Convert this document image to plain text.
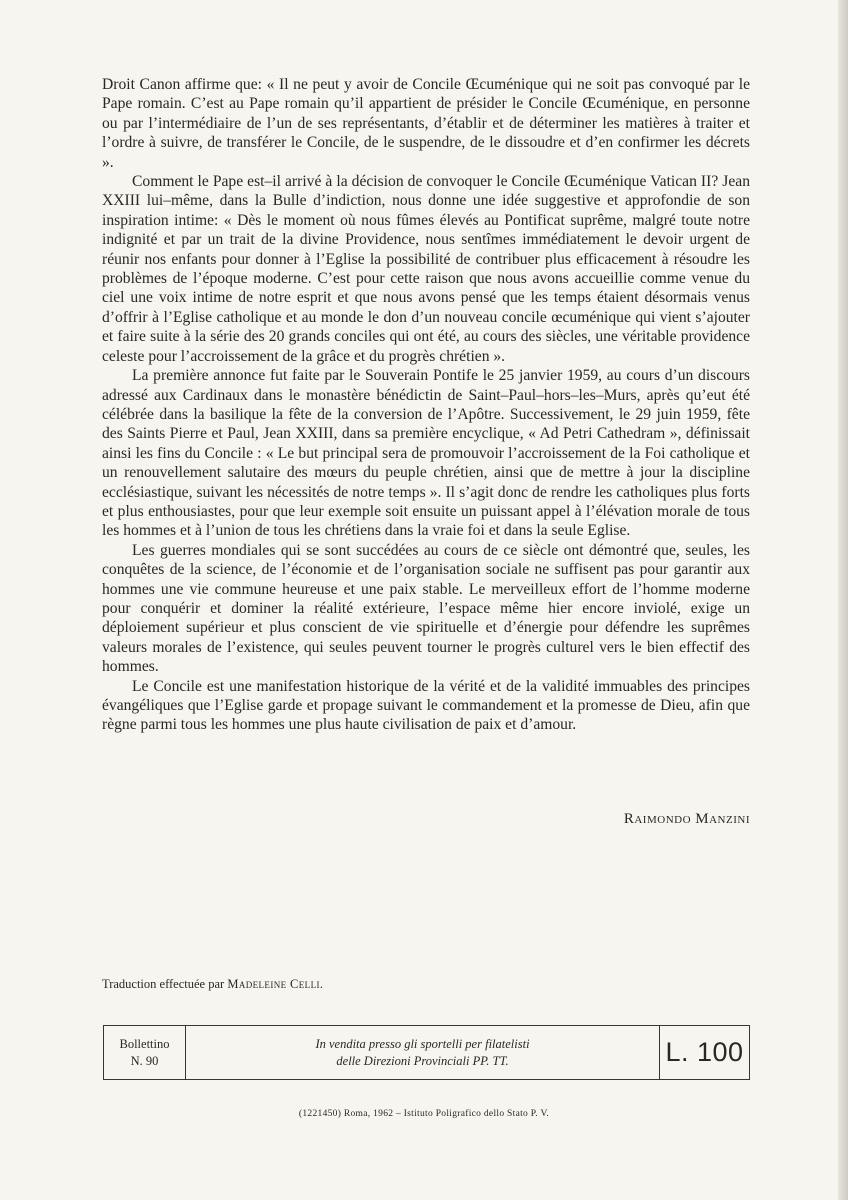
Droit Canon affirme que: « Il ne peut y avoir de Concile Œcuménique qui ne soit pas convoqué par le Pape romain. C’est au Pape romain qu’il appartient de présider le Concile Œcuménique, en personne ou par l’intermédiaire de l’un de ses représentants, d’établir et de déterminer les matières à traiter et l’ordre à suivre, de transférer le Concile, de le suspendre, de le dissoudre et d’en confirmer les décrets ».

Comment le Pape est–il arrivé à la décision de convoquer le Concile Œcuménique Vatican II? Jean XXIII lui–même, dans la Bulle d’indiction, nous donne une idée suggestive et approfondie de son inspiration intime: « Dès le moment où nous fûmes élevés au Pontificat suprême, malgré toute notre indignité et par un trait de la divine Providence, nous sentîmes immédiatement le devoir urgent de réunir nos enfants pour donner à l’Eglise la possibilité de contribuer plus efficacement à résoudre les problèmes de l’époque moderne. C’est pour cette raison que nous avons accueillie comme venue du ciel une voix intime de notre esprit et que nous avons pensé que les temps étaient désormais venus d’offrir à l’Eglise catholique et au monde le don d’un nouveau concile œcuménique qui vient s’ajouter et faire suite à la série des 20 grands conciles qui ont été, au cours des siècles, une véritable providence celeste pour l’accroissement de la grâce et du progrès chrétien ».

La première annonce fut faite par le Souverain Pontife le 25 janvier 1959, au cours d’un discours adressé aux Cardinaux dans le monastère bénédictin de Saint–Paul–hors–les–Murs, après qu’eut été célébrée dans la basilique la fête de la conversion de l’Apôtre. Successivement, le 29 juin 1959, fête des Saints Pierre et Paul, Jean XXIII, dans sa première encyclique, « Ad Petri Cathedram », définissait ainsi les fins du Concile : « Le but principal sera de promouvoir l’accroissement de la Foi catholique et un renouvellement salutaire des mœurs du peuple chrétien, ainsi que de mettre à jour la discipline ecclésiastique, suivant les nécessités de notre temps ». Il s’agit donc de rendre les catholiques plus forts et plus enthousiastes, pour que leur exemple soit ensuite un puissant appel à l’élévation morale de tous les hommes et à l’union de tous les chrétiens dans la vraie foi et dans la seule Eglise.

Les guerres mondiales qui se sont succédées au cours de ce siècle ont démontré que, seules, les conquêtes de la science, de l’économie et de l’organisation sociale ne suffisent pas pour garantir aux hommes une vie commune heureuse et une paix stable. Le merveilleux effort de l’homme moderne pour conquérir et dominer la réalité extérieure, l’espace même hier encore inviolé, exige un déploiement supérieur et plus conscient de vie spirituelle et d’énergie pour défendre les suprêmes valeurs morales de l’existence, qui seules peuvent tourner le progrès culturel vers le bien effectif des hommes.

Le Concile est une manifestation historique de la vérité et de la validité immuables des principes évangéliques que l’Eglise garde et propage suivant le commandement et la promesse de Dieu, afin que règne parmi tous les hommes une plus haute civilisation de paix et d’amour.

Raimondo Manzini
Traduction effectuée par Madeleine Celli.
Bollettino
N. 90
In vendita presso gli sportelli per filatelisti
delle Direzioni Provinciali PP. TT.	L. 100
(1221450) Roma, 1962 – Istituto Poligrafico dello Stato P. V.
